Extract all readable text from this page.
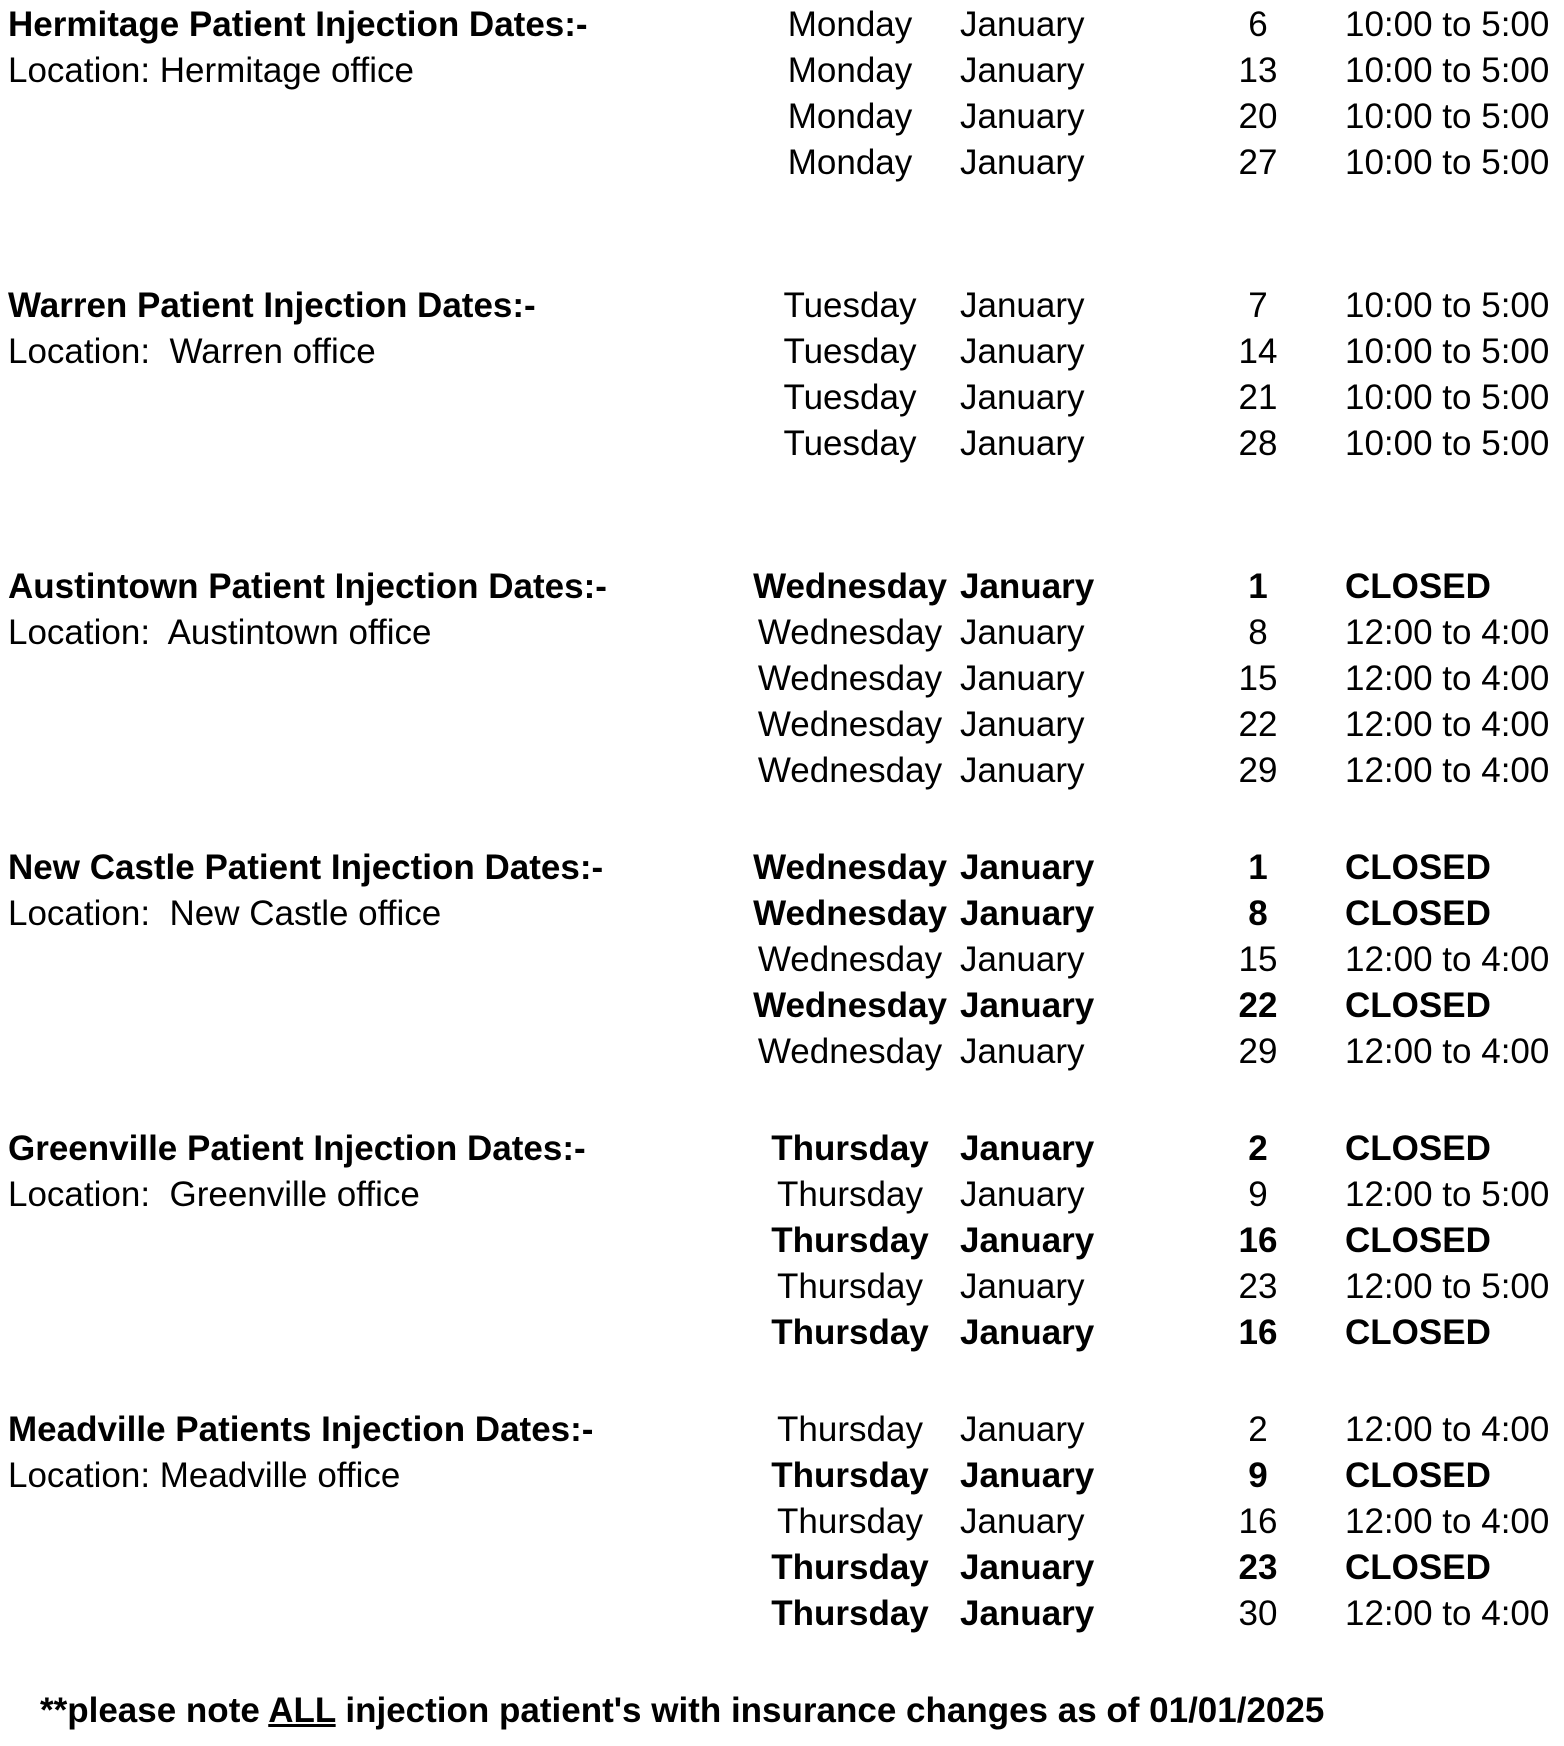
Hermitage Patient Injection Dates:-
Location: Hermitage office
Monday	January	6	10:00 to 5:00
Monday	January	13	10:00 to 5:00
Monday	January	20	10:00 to 5:00
Monday	January	27	10:00 to 5:00
Warren Patient Injection Dates:-
Location:  Warren office
Tuesday	January	7	10:00 to 5:00
Tuesday	January	14	10:00 to 5:00
Tuesday	January	21	10:00 to 5:00
Tuesday	January	28	10:00 to 5:00
Austintown Patient Injection Dates:-
Location:  Austintown office
Wednesday January	1	CLOSED
Wednesday January	8	12:00 to 4:00
Wednesday January	15	12:00 to 4:00
Wednesday January	22	12:00 to 4:00
Wednesday January	29	12:00 to 4:00
New Castle Patient Injection Dates:-
Location:  New Castle office
Wednesday January	1	CLOSED
Wednesday January	8	CLOSED
Wednesday January	15	12:00 to 4:00
Wednesday January	22	CLOSED
Wednesday January	29	12:00 to 4:00
Greenville Patient Injection Dates:-
Location:  Greenville office
Thursday January	2	CLOSED
Thursday	January	9	12:00 to 5:00
Thursday January	16	CLOSED
Thursday	January	23	12:00 to 5:00
Thursday January	16	CLOSED
Meadville Patients Injection Dates:-
Location: Meadville office
Thursday	January	2	12:00 to 4:00
Thursday January	9	CLOSED
Thursday	January	16	12:00 to 4:00
Thursday January	23	CLOSED
Thursday January	30	12:00 to 4:00

**please note ALL injection patient's with insurance changes as of 01/01/2025
